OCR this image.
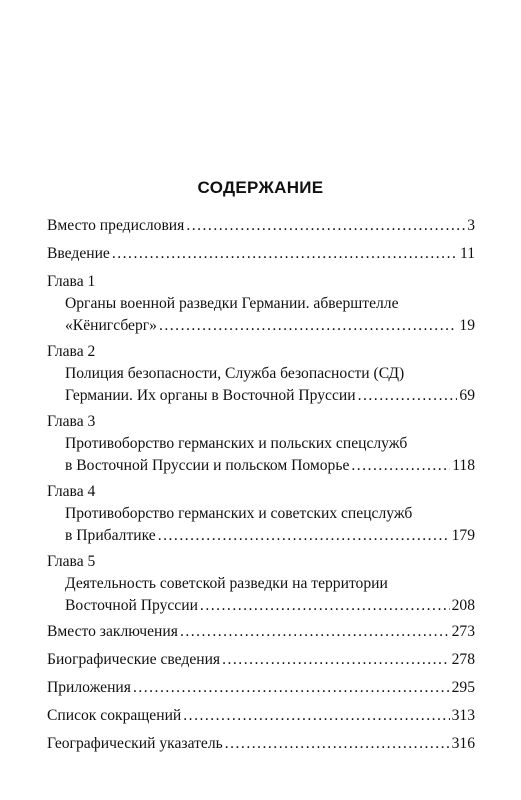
СОДЕРЖАНИЕ
Вместо предисловия .....	3
Введение .....	11
Глава 1
Органы военной разведки Германии. абверштелле
«Кёнигсберг» .....	19
Глава 2
Полиция безопасности, Служба безопасности (СД)
Германии. Их органы в Восточной Пруссии .....	69
Глава 3
Противоборство германских и польских спецслужб
в Восточной Пруссии и польском Поморье .....	118
Глава 4
Противоборство германских и советских спецслужб
в Прибалтике .....	179
Глава 5
Деятельность советской разведки на территории
Восточной Пруссии .....	208
Вместо заключения .....	273
Биографические сведения .....	278
Приложения .....	295
Список сокращений .....	313
Географический указатель .....	316
